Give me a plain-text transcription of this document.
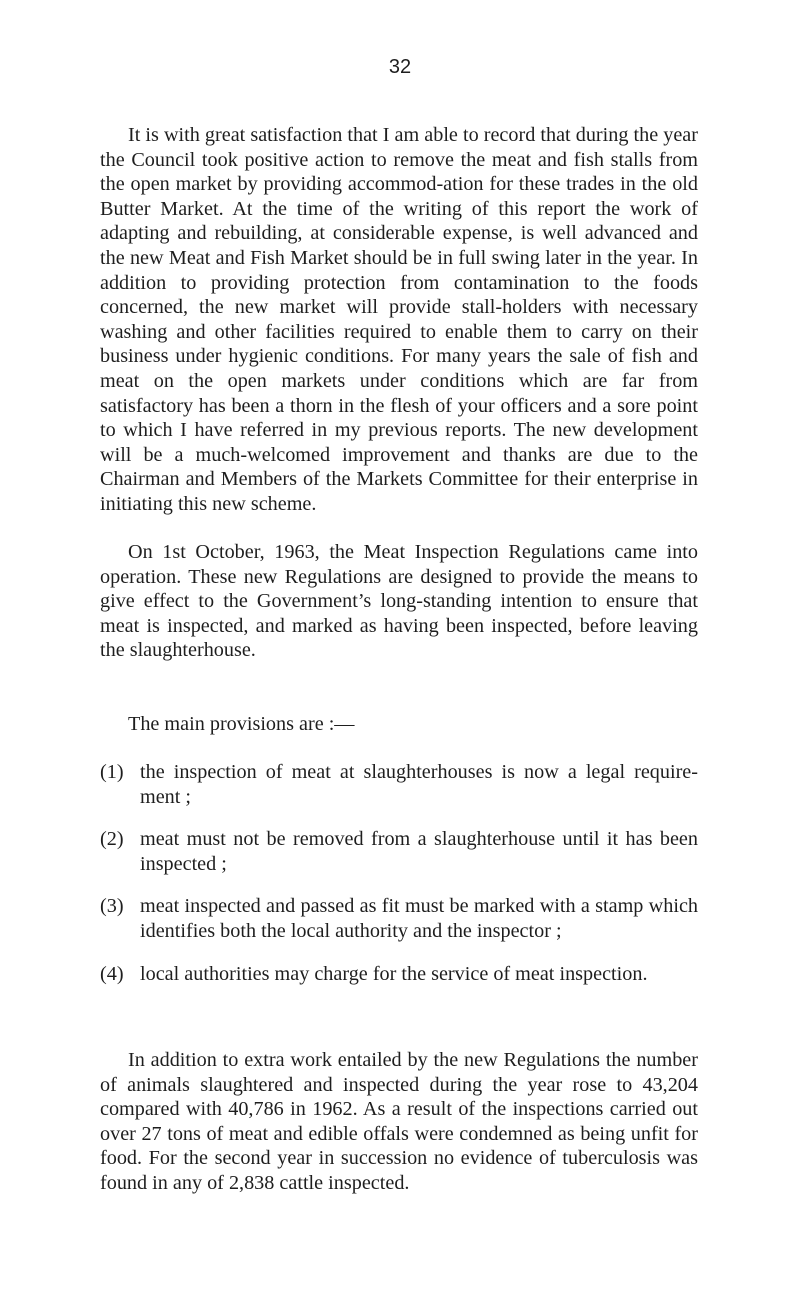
32

It is with great satisfaction that I am able to record that during the year the Council took positive action to remove the meat and fish stalls from the open market by providing accommod-ation for these trades in the old Butter Market. At the time of the writing of this report the work of adapting and rebuilding, at considerable expense, is well advanced and the new Meat and Fish Market should be in full swing later in the year. In addition to providing protection from contamination to the foods concerned, the new market will provide stall-holders with necessary washing and other facilities required to enable them to carry on their business under hygienic conditions. For many years the sale of fish and meat on the open markets under conditions which are far from satisfactory has been a thorn in the flesh of your officers and a sore point to which I have referred in my previous reports. The new development will be a much-welcomed improvement and thanks are due to the Chairman and Members of the Markets Committee for their enterprise in initiating this new scheme.

On 1st October, 1963, the Meat Inspection Regulations came into operation. These new Regulations are designed to provide the means to give effect to the Government’s long-standing intention to ensure that meat is inspected, and marked as having been inspected, before leaving the slaughterhouse.

The main provisions are :—

(1) the inspection of meat at slaughterhouses is now a legal require-ment ;
(2) meat must not be removed from a slaughterhouse until it has been inspected ;
(3) meat inspected and passed as fit must be marked with a stamp which identifies both the local authority and the inspector ;
(4) local authorities may charge for the service of meat inspection.

In addition to extra work entailed by the new Regulations the number of animals slaughtered and inspected during the year rose to 43,204 compared with 40,786 in 1962. As a result of the inspections carried out over 27 tons of meat and edible offals were condemned as being unfit for food. For the second year in succession no evidence of tuberculosis was found in any of 2,838 cattle inspected.
